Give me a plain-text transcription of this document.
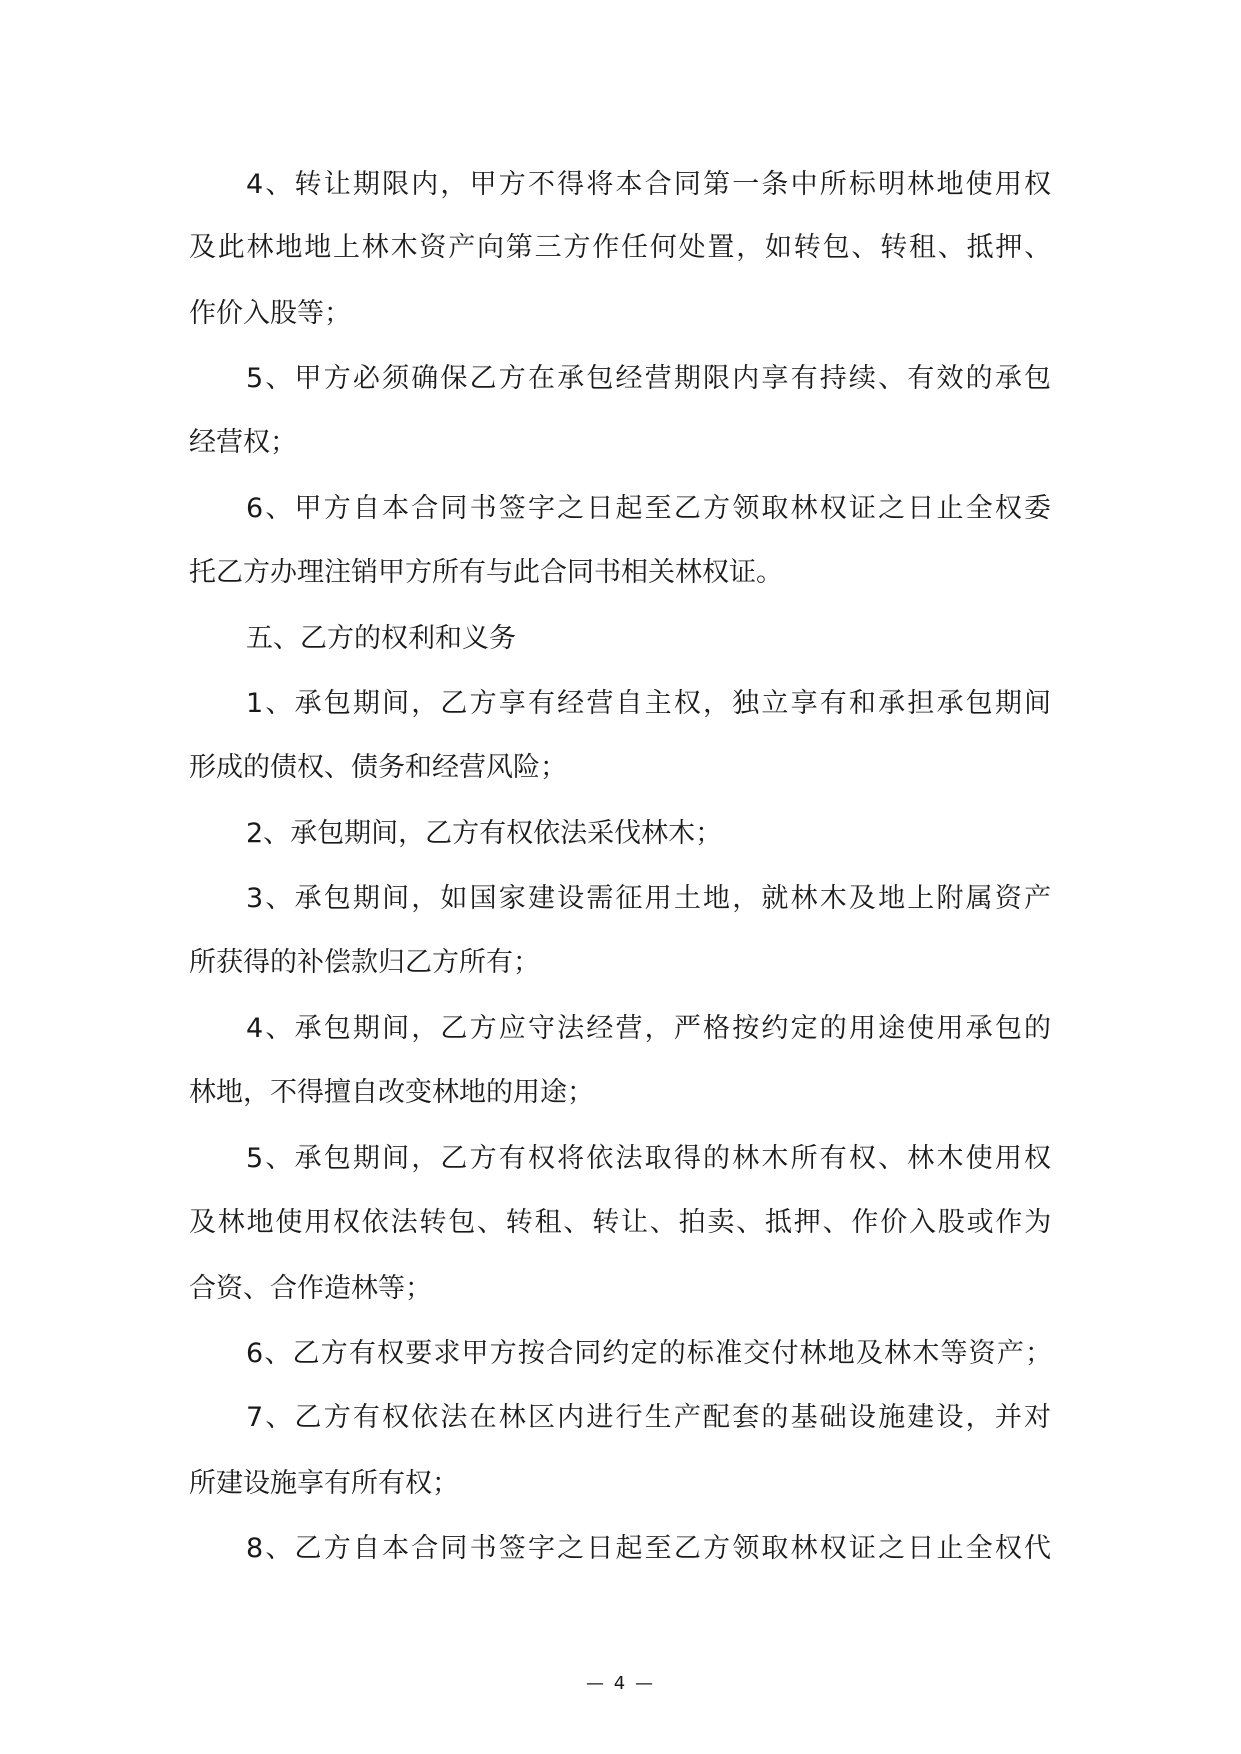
4、转让期限内，甲方不得将本合同第一条中所标明林地使用权
及此林地地上林木资产向第三方作任何处置，如转包、转租、抵押、
作价入股等；
5、甲方必须确保乙方在承包经营期限内享有持续、有效的承包
经营权；
6、甲方自本合同书签字之日起至乙方领取林权证之日止全权委
托乙方办理注销甲方所有与此合同书相关林权证。
五、乙方的权利和义务
1、承包期间，乙方享有经营自主权，独立享有和承担承包期间
形成的债权、债务和经营风险；
2、承包期间，乙方有权依法采伐林木；
3、承包期间，如国家建设需征用土地，就林木及地上附属资产
所获得的补偿款归乙方所有；
4、承包期间，乙方应守法经营，严格按约定的用途使用承包的
林地，不得擅自改变林地的用途；
5、承包期间，乙方有权将依法取得的林木所有权、林木使用权
及林地使用权依法转包、转租、转让、拍卖、抵押、作价入股或作为
合资、合作造林等；
6、乙方有权要求甲方按合同约定的标准交付林地及林木等资产；
7、乙方有权依法在林区内进行生产配套的基础设施建设，并对
所建设施享有所有权；
8、乙方自本合同书签字之日起至乙方领取林权证之日止全权代
— 4 —
